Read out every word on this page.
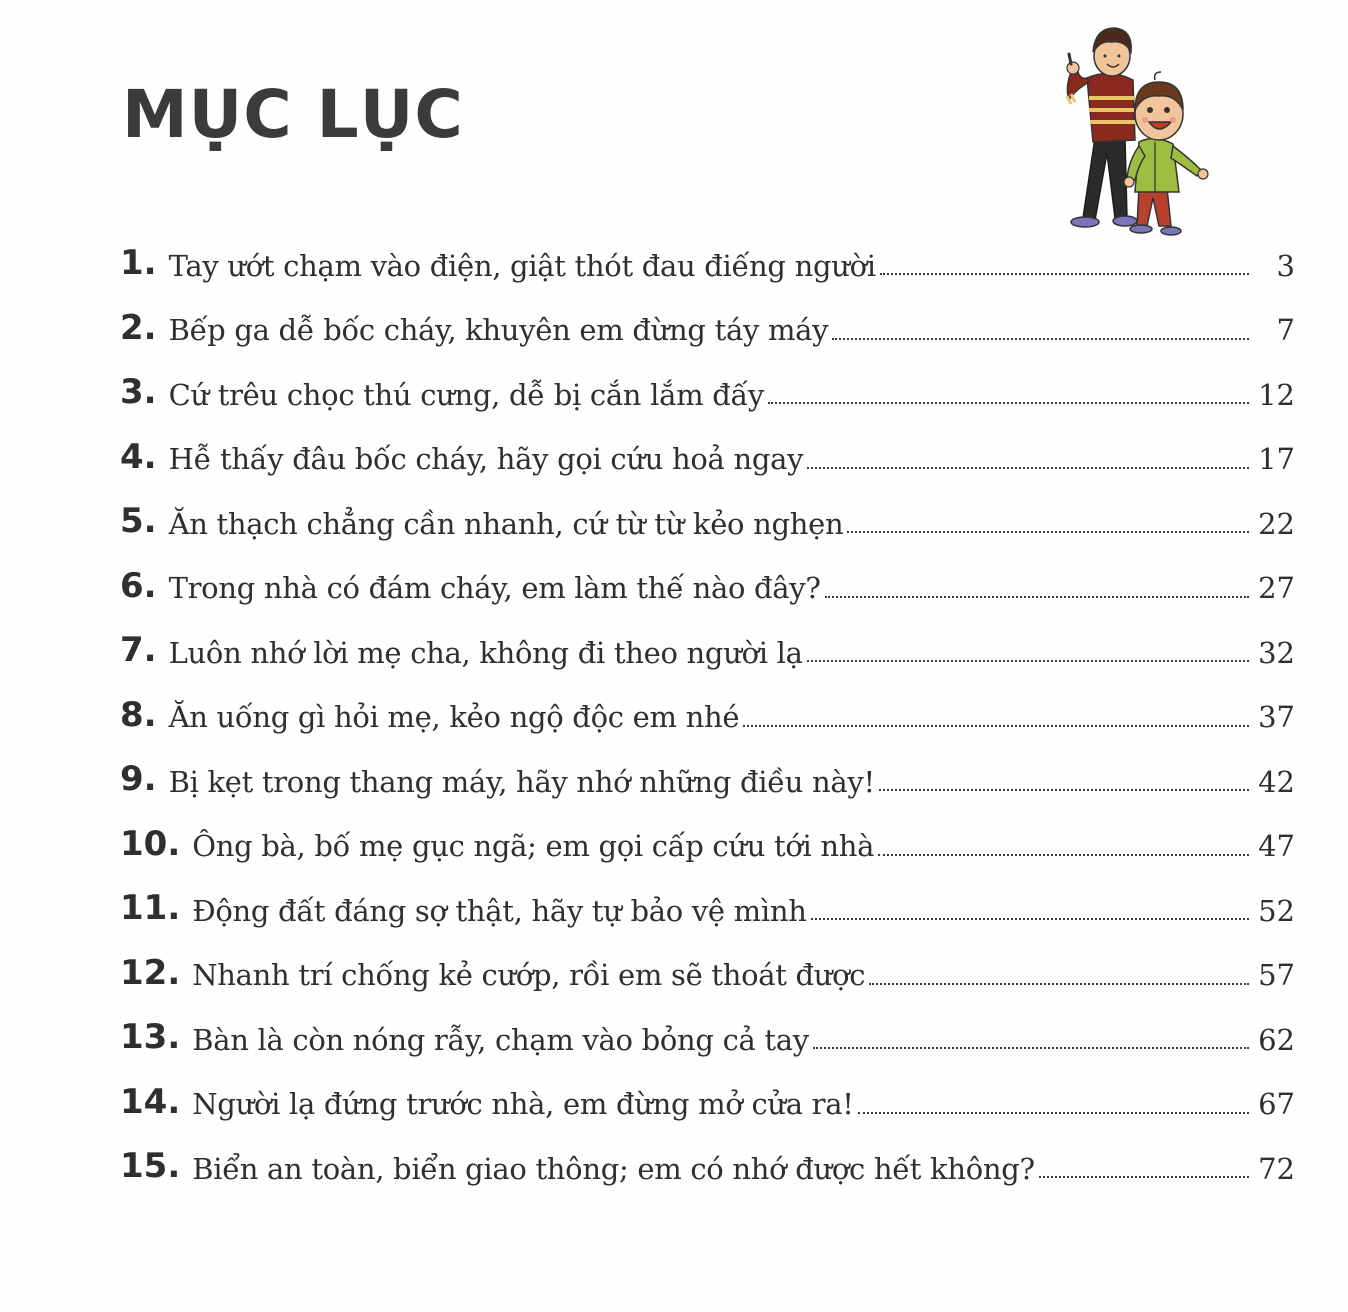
MỤC LỤC
1. Tay ướt chạm vào điện, giật thót đau điếng người	3
2. Bếp ga dễ bốc cháy, khuyên em đừng táy máy	7
3. Cứ trêu chọc thú cưng, dễ bị cắn lắm đấy	12
4. Hễ thấy đâu bốc cháy, hãy gọi cứu hoả ngay	17
5. Ăn thạch chẳng cần nhanh, cứ từ từ kẻo nghẹn	22
6. Trong nhà có đám cháy, em làm thế nào đây?	27
7. Luôn nhớ lời mẹ cha, không đi theo người lạ	32
8. Ăn uống gì hỏi mẹ, kẻo ngộ độc em nhé	37
9. Bị kẹt trong thang máy, hãy nhớ những điều này!	42
10. Ông bà, bố mẹ gục ngã; em gọi cấp cứu tới nhà	47
11. Động đất đáng sợ thật, hãy tự bảo vệ mình	52
12. Nhanh trí chống kẻ cướp, rồi em sẽ thoát được	57
13. Bàn là còn nóng rẫy, chạm vào bỏng cả tay	62
14. Người lạ đứng trước nhà, em đừng mở cửa ra!	67
15. Biển an toàn, biển giao thông; em có nhớ được hết không?	72
